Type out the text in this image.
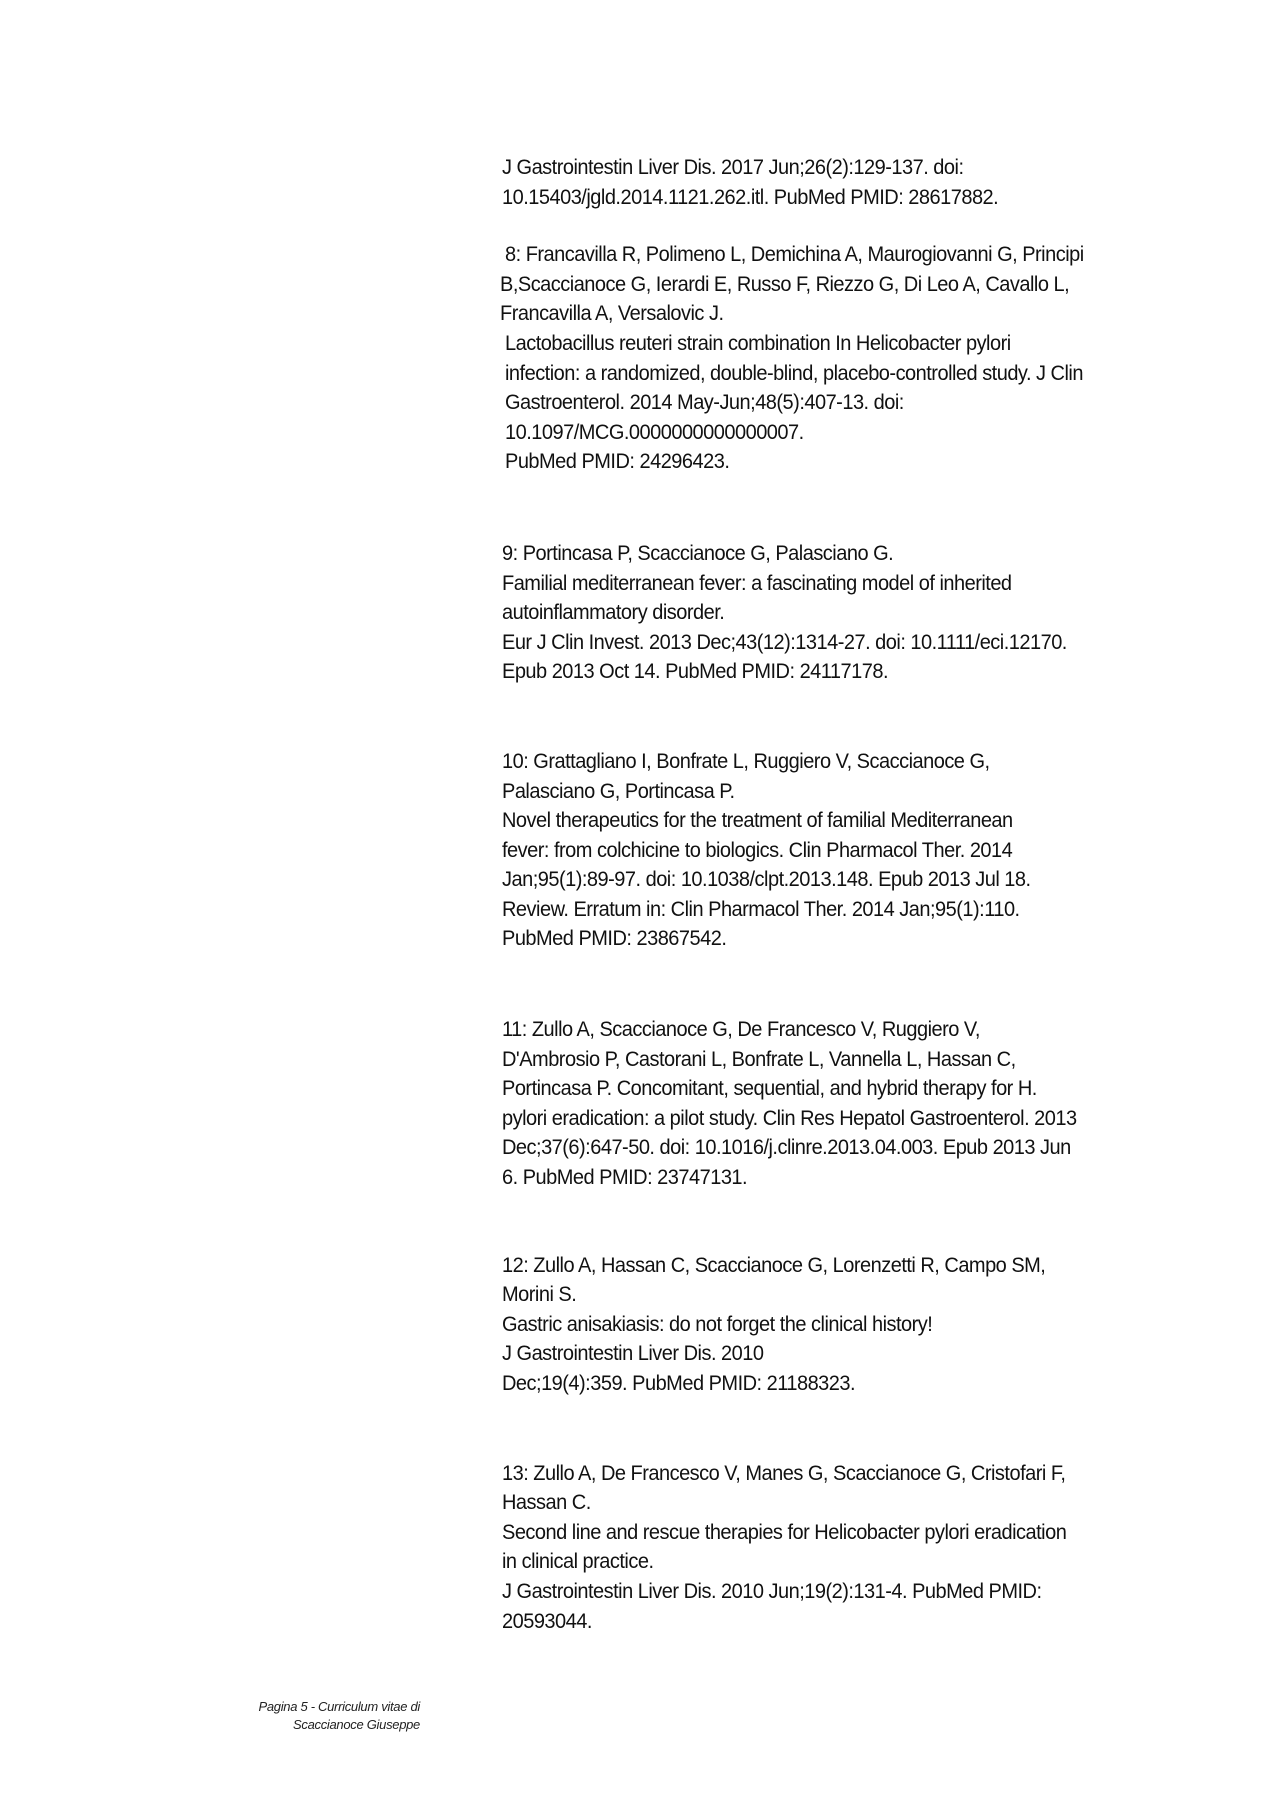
J Gastrointestin Liver Dis. 2017 Jun;26(2):129-137. doi:
10.15403/jgld.2014.1121.262.itl. PubMed PMID: 28617882.
8: Francavilla R, Polimeno L, Demichina A, Maurogiovanni G, Principi
B,Scaccianoce G, Ierardi E, Russo F, Riezzo G, Di Leo A, Cavallo L,
Francavilla A, Versalovic J.
Lactobacillus reuteri strain combination In Helicobacter pylori
infection: a randomized, double-blind, placebo-controlled study. J Clin
Gastroenterol. 2014 May-Jun;48(5):407-13. doi:
10.1097/MCG.0000000000000007.
PubMed PMID: 24296423.
9: Portincasa P, Scaccianoce G, Palasciano G.
Familial mediterranean fever: a fascinating model of inherited
autoinflammatory disorder.
Eur J Clin Invest. 2013 Dec;43(12):1314-27. doi: 10.1111/eci.12170.
Epub 2013 Oct 14. PubMed PMID: 24117178.
10: Grattagliano I, Bonfrate L, Ruggiero V, Scaccianoce G,
Palasciano G, Portincasa P.
Novel therapeutics for the treatment of familial Mediterranean
fever: from colchicine to biologics. Clin Pharmacol Ther. 2014
Jan;95(1):89-97. doi: 10.1038/clpt.2013.148. Epub 2013 Jul 18.
Review. Erratum in: Clin Pharmacol Ther. 2014 Jan;95(1):110.
PubMed PMID: 23867542.
11: Zullo A, Scaccianoce G, De Francesco V, Ruggiero V,
D'Ambrosio P, Castorani L, Bonfrate L, Vannella L, Hassan C,
Portincasa P. Concomitant, sequential, and hybrid therapy for H.
pylori eradication: a pilot study. Clin Res Hepatol Gastroenterol. 2013
Dec;37(6):647-50. doi: 10.1016/j.clinre.2013.04.003. Epub 2013 Jun
6. PubMed PMID: 23747131.
12: Zullo A, Hassan C, Scaccianoce G, Lorenzetti R, Campo SM,
Morini S.
Gastric anisakiasis: do not forget the clinical history!
J Gastrointestin Liver Dis. 2010
Dec;19(4):359. PubMed PMID: 21188323.
13: Zullo A, De Francesco V, Manes G, Scaccianoce G, Cristofari F,
Hassan C.
Second line and rescue therapies for Helicobacter pylori eradication
in clinical practice.
J Gastrointestin Liver Dis. 2010 Jun;19(2):131-4. PubMed PMID:
20593044.
Pagina 5 - Curriculum vitae di
Scaccianoce Giuseppe
